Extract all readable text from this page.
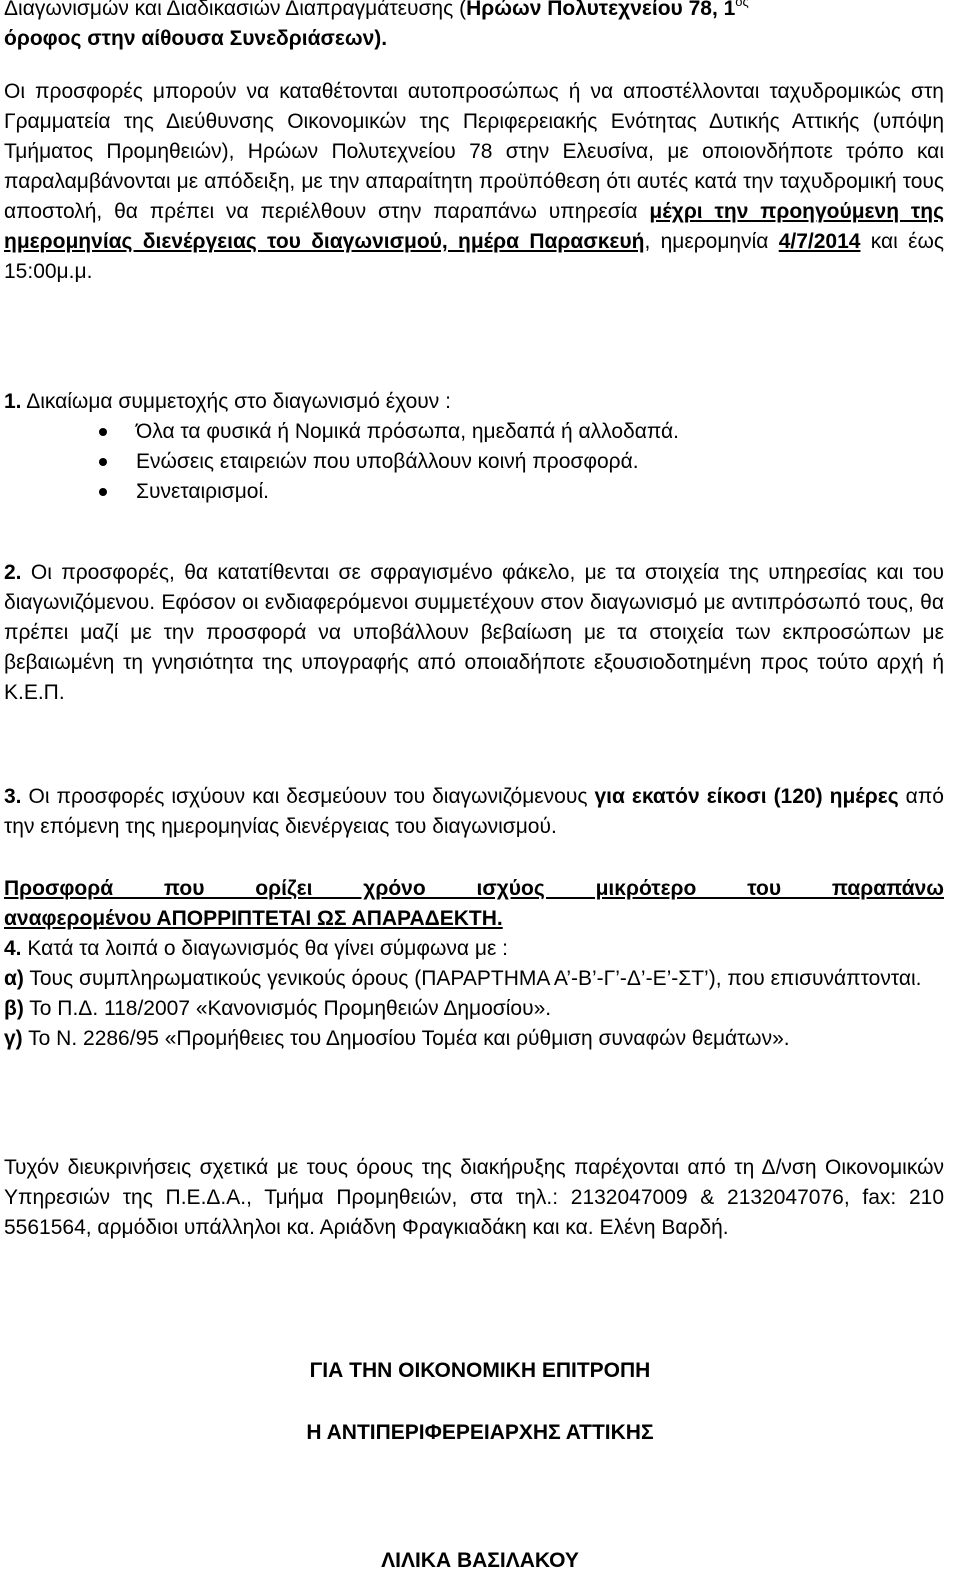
Διαγωνισμών και Διαδικασιών Διαπραγμάτευσης (Ηρώων Πολυτεχνείου 78, $1^{o\varsigma}$
όροφος στην αίθουσα Συνεδριάσεων).
Οι προσφορές μπορούν να καταθέτονται αυτοπροσώπως ή να αποστέλλονται ταχυδρομικώς στη Γραμματεία της Διεύθυνσης Οικονομικών της Περιφερειακής Ενότητας Δυτικής Αττικής (υπόψη Τμήματος Προμηθειών), Ηρώων Πολυτεχνείου 78 στην Ελευσίνα, με οποιονδήποτε τρόπο και παραλαμβάνονται με απόδειξη, με την απαραίτητη προϋπόθεση ότι αυτές κατά την ταχυδρομική τους αποστολή, θα πρέπει να περιέλθουν στην παραπάνω υπηρεσία μέχρι την προηγούμενη της ημερομηνίας διενέργειας του διαγωνισμού, ημέρα Παρασκευή, ημερομηνία 4/7/2014 και έως 15:00μ.μ.
1. Δικαίωμα συμμετοχής στο διαγωνισμό έχουν :
Όλα τα φυσικά ή Νομικά πρόσωπα, ημεδαπά ή αλλοδαπά.
Ενώσεις εταιρειών που υποβάλλουν κοινή προσφορά.
Συνεταιρισμοί.
2. Οι προσφορές, θα κατατίθενται σε σφραγισμένο φάκελο, με τα στοιχεία της υπηρεσίας και του διαγωνιζόμενου. Εφόσον οι ενδιαφερόμενοι συμμετέχουν στον διαγωνισμό με αντιπρόσωπό τους, θα πρέπει μαζί με την προσφορά να υποβάλλουν βεβαίωση με τα στοιχεία των εκπροσώπων με βεβαιωμένη τη γνησιότητα της υπογραφής από οποιαδήποτε εξουσιοδοτημένη προς τούτο αρχή ή Κ.Ε.Π.
3. Οι προσφορές ισχύουν και δεσμεύουν του διαγωνιζόμενους για εκατόν είκοσι (120) ημέρες από την επόμενη της ημερομηνίας διενέργειας του διαγωνισμού.
Προσφορά που ορίζει χρόνο ισχύος μικρότερο του παραπάνω
αναφερομένου ΑΠΟΡΡΙΠΤΕΤΑΙ ΩΣ ΑΠΑΡΑΔΕΚΤΗ.
4. Κατά τα λοιπά ο διαγωνισμός θα γίνει σύμφωνα με :
α) Τους συμπληρωματικούς γενικούς όρους (ΠΑΡΑΡΤΗΜΑ Α’-Β’-Γ’-Δ’-Ε’-ΣΤ’), που επισυνάπτονται.
β) Το Π.Δ. 118/2007 «Κανονισμός Προμηθειών Δημοσίου».
γ) Το Ν. 2286/95 «Προμήθειες του Δημοσίου Τομέα και ρύθμιση συναφών θεμάτων».
Τυχόν διευκρινήσεις σχετικά με τους όρους της διακήρυξης παρέχονται από τη Δ/νση Οικονομικών Υπηρεσιών της Π.Ε.Δ.Α., Τμήμα Προμηθειών, στα τηλ.: 2132047009 & 2132047076, fax: 210 5561564, αρμόδιοι υπάλληλοι κα. Αριάδνη Φραγκιαδάκη και κα. Ελένη Βαρδή.
ΓΙΑ ΤΗΝ ΟΙΚΟΝΟΜΙΚΗ ΕΠΙΤΡΟΠΗ
Η ΑΝΤΙΠΕΡΙΦΕΡΕΙΑΡΧΗΣ ΑΤΤΙΚΗΣ
ΛΙΛΙΚΑ ΒΑΣΙΛΑΚΟΥ
